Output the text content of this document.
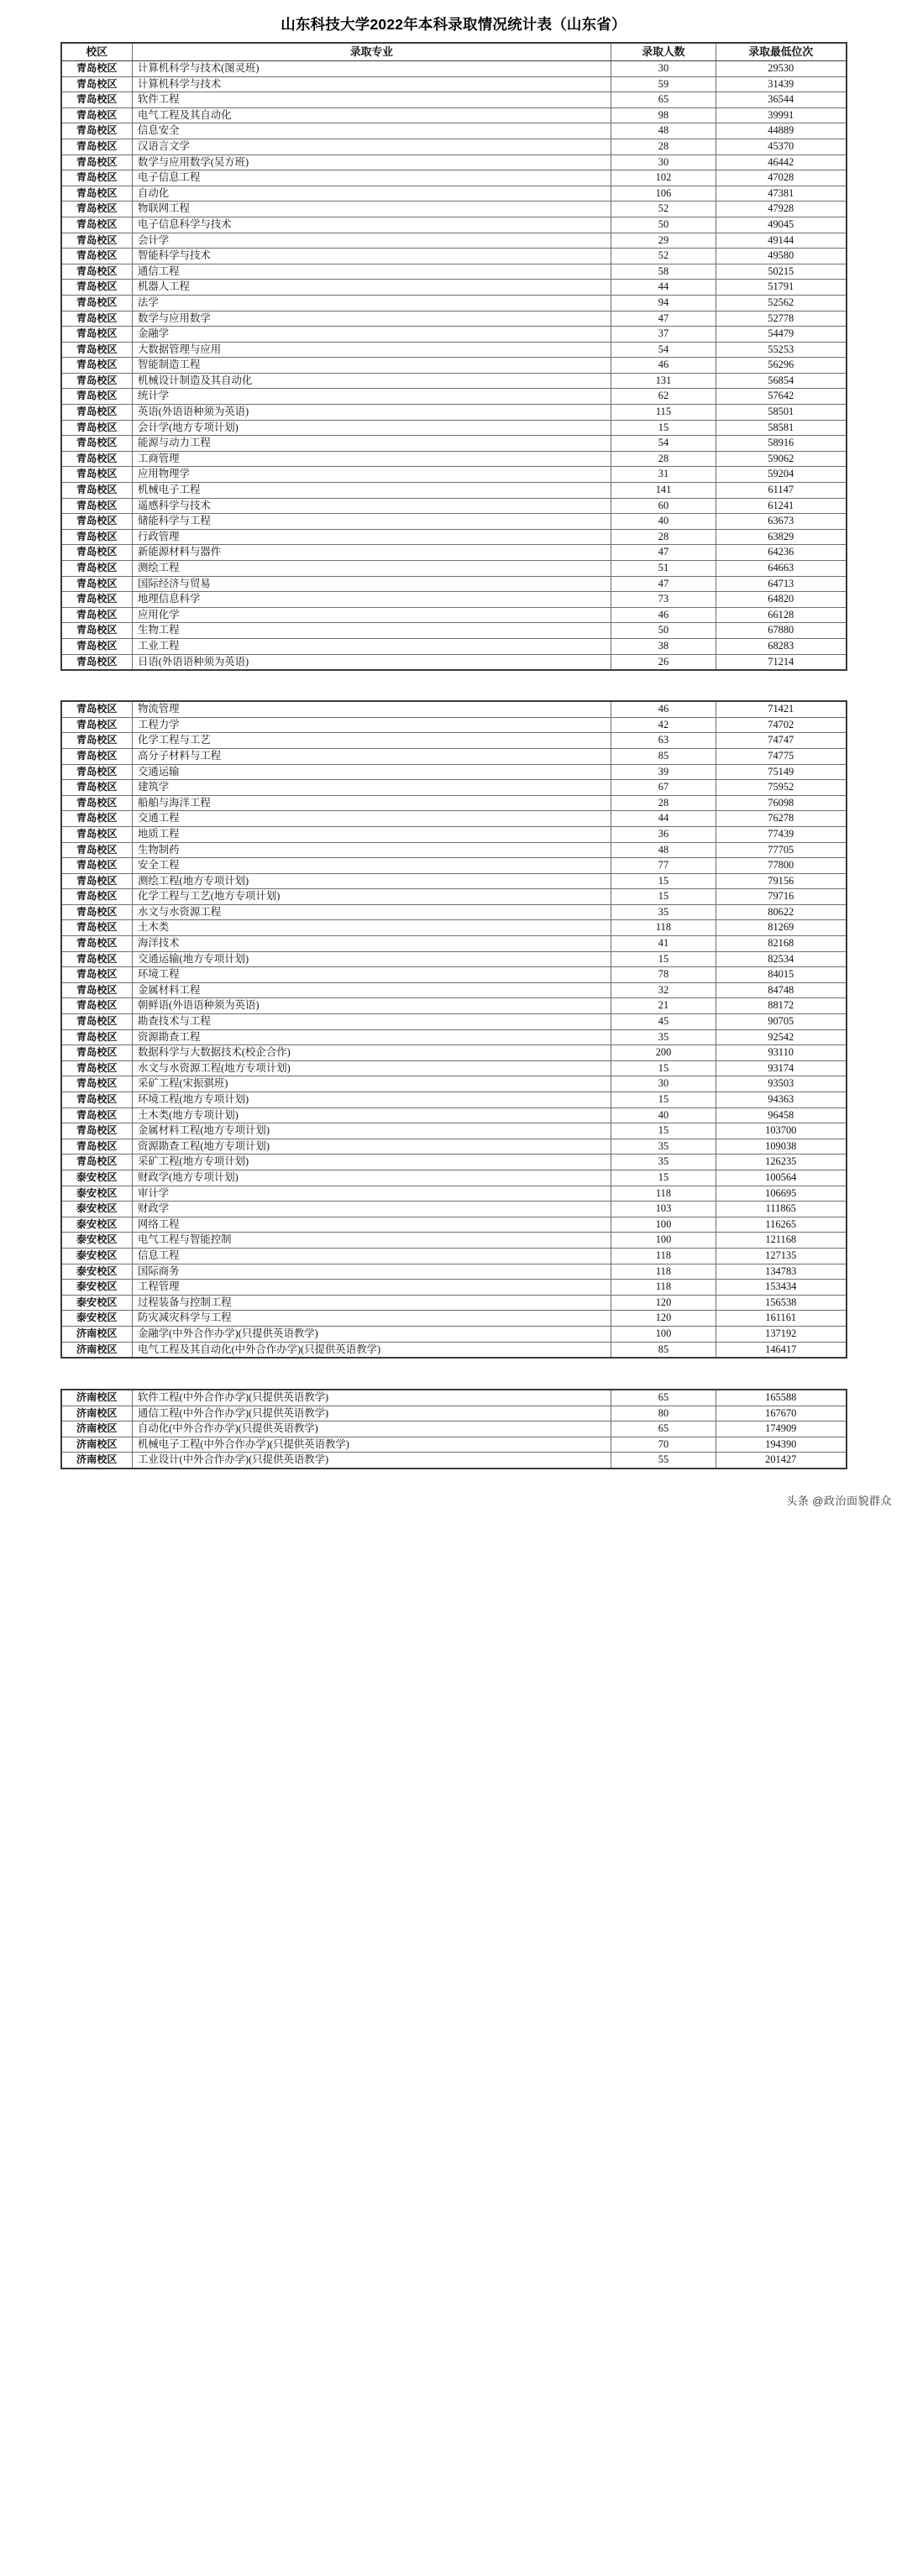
山东科技大学2022年本科录取情况统计表（山东省）
校区	录取专业	录取人数	录取最低位次
青岛校区	计算机科学与技术(图灵班)	30	29530
青岛校区	计算机科学与技术	59	31439
青岛校区	软件工程	65	36544
青岛校区	电气工程及其自动化	98	39991
青岛校区	信息安全	48	44889
青岛校区	汉语言文学	28	45370
青岛校区	数学与应用数学(吴方班)	30	46442
青岛校区	电子信息工程	102	47028
青岛校区	自动化	106	47381
青岛校区	物联网工程	52	47928
青岛校区	电子信息科学与技术	50	49045
青岛校区	会计学	29	49144
青岛校区	智能科学与技术	52	49580
青岛校区	通信工程	58	50215
青岛校区	机器人工程	44	51791
青岛校区	法学	94	52562
青岛校区	数学与应用数学	47	52778
青岛校区	金融学	37	54479
青岛校区	大数据管理与应用	54	55253
青岛校区	智能制造工程	46	56296
青岛校区	机械设计制造及其自动化	131	56854
青岛校区	统计学	62	57642
青岛校区	英语(外语语种须为英语)	115	58501
青岛校区	会计学(地方专项计划)	15	58581
青岛校区	能源与动力工程	54	58916
青岛校区	工商管理	28	59062
青岛校区	应用物理学	31	59204
青岛校区	机械电子工程	141	61147
青岛校区	遥感科学与技术	60	61241
青岛校区	储能科学与工程	40	63673
青岛校区	行政管理	28	63829
青岛校区	新能源材料与器件	47	64236
青岛校区	测绘工程	51	64663
青岛校区	国际经济与贸易	47	64713
青岛校区	地理信息科学	73	64820
青岛校区	应用化学	46	66128
青岛校区	生物工程	50	67880
青岛校区	工业工程	38	68283
青岛校区	日语(外语语种须为英语)	26	71214
青岛校区	物流管理	46	71421
青岛校区	工程力学	42	74702
青岛校区	化学工程与工艺	63	74747
青岛校区	高分子材料与工程	85	74775
青岛校区	交通运输	39	75149
青岛校区	建筑学	67	75952
青岛校区	船舶与海洋工程	28	76098
青岛校区	交通工程	44	76278
青岛校区	地质工程	36	77439
青岛校区	生物制药	48	77705
青岛校区	安全工程	77	77800
青岛校区	测绘工程(地方专项计划)	15	79156
青岛校区	化学工程与工艺(地方专项计划)	15	79716
青岛校区	水文与水资源工程	35	80622
青岛校区	土木类	118	81269
青岛校区	海洋技术	41	82168
青岛校区	交通运输(地方专项计划)	15	82534
青岛校区	环境工程	78	84015
青岛校区	金属材料工程	32	84748
青岛校区	朝鲜语(外语语种须为英语)	21	88172
青岛校区	勘查技术与工程	45	90705
青岛校区	资源勘查工程	35	92542
青岛校区	数据科学与大数据技术(校企合作)	200	93110
青岛校区	水文与水资源工程(地方专项计划)	15	93174
青岛校区	采矿工程(宋振骐班)	30	93503
青岛校区	环境工程(地方专项计划)	15	94363
青岛校区	土木类(地方专项计划)	40	96458
青岛校区	金属材料工程(地方专项计划)	15	103700
青岛校区	资源勘查工程(地方专项计划)	35	109038
青岛校区	采矿工程(地方专项计划)	35	126235
泰安校区	财政学(地方专项计划)	15	100564
泰安校区	审计学	118	106695
泰安校区	财政学	103	111865
泰安校区	网络工程	100	116265
泰安校区	电气工程与智能控制	100	121168
泰安校区	信息工程	118	127135
泰安校区	国际商务	118	134783
泰安校区	工程管理	118	153434
泰安校区	过程装备与控制工程	120	156538
泰安校区	防灾减灾科学与工程	120	161161
济南校区	金融学(中外合作办学)(只提供英语教学)	100	137192
济南校区	电气工程及其自动化(中外合作办学)(只提供英语教学)	85	146417
济南校区	软件工程(中外合作办学)(只提供英语教学)	65	165588
济南校区	通信工程(中外合作办学)(只提供英语教学)	80	167670
济南校区	自动化(中外合作办学)(只提供英语教学)	65	174909
济南校区	机械电子工程(中外合作办学)(只提供英语教学)	70	194390
济南校区	工业设计(中外合作办学)(只提供英语教学)	55	201427
头条 @政治面貌群众
